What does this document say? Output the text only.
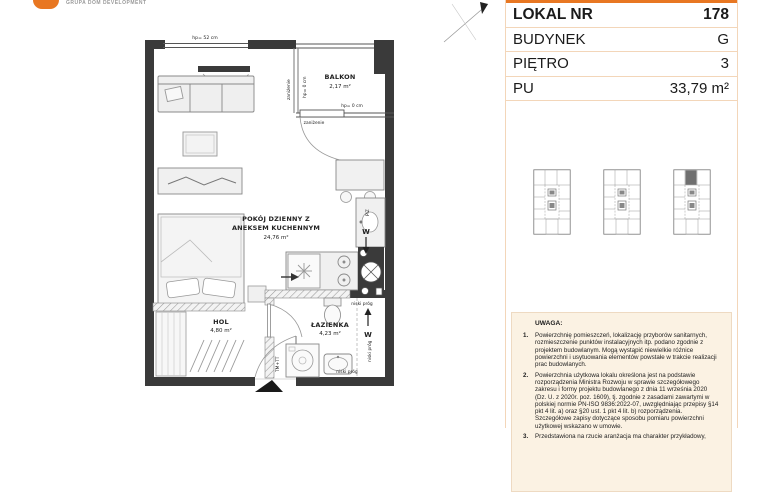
GRUPA DOM DEVELOPMENT
hp= 52 cm
BALKON
2,17 m²
hp= 0 cm
hp= 0 cm
zaniżenie
zaniżenie
W
PiZ
HOL
4,80 m²
TM+TT
ŁAZIENKA
4,23 m²
niski próg
W
niski próg
niski próg
POKÓJ DZIENNY Z
ANEKSEM KUCHENNYM
24,76 m²
LOKAL NR	178
BUDYNEK	G
PIĘTRO	3
PU	33,79 m²

UWAGA:

Powierzchnię pomieszczeń, lokalizację przyborów sanitarnych, rozmieszczenie punktów instalacyjnych itp. podano zgodnie z projektem budowlanym. Mogą wystąpić niewielkie różnice powierzchni i usytuowania elementów powstałe w trakcie realizacji prac budowlanych.
Powierzchnia użytkowa lokalu określona jest na podstawie rozporządzenia Ministra Rozwoju w sprawie szczegółowego zakresu i formy projektu budowlanego z dnia 11 września 2020 (Dz. U. z 2020r. poz. 1609), tj. zgodnie z zasadami zawartymi w polskiej normie PN-ISO 9836:2022-07, uwzględniając przepisy §14 pkt 4 lit. a) oraz §20 ust. 1 pkt 4 lit. b) rozporządzenia. Szczegółowe zapisy dotyczące sposobu pomiaru powierzchni użytkowej wskazano w umowie.
Przedstawiona na rzucie aranżacja ma charakter przykładowy,
